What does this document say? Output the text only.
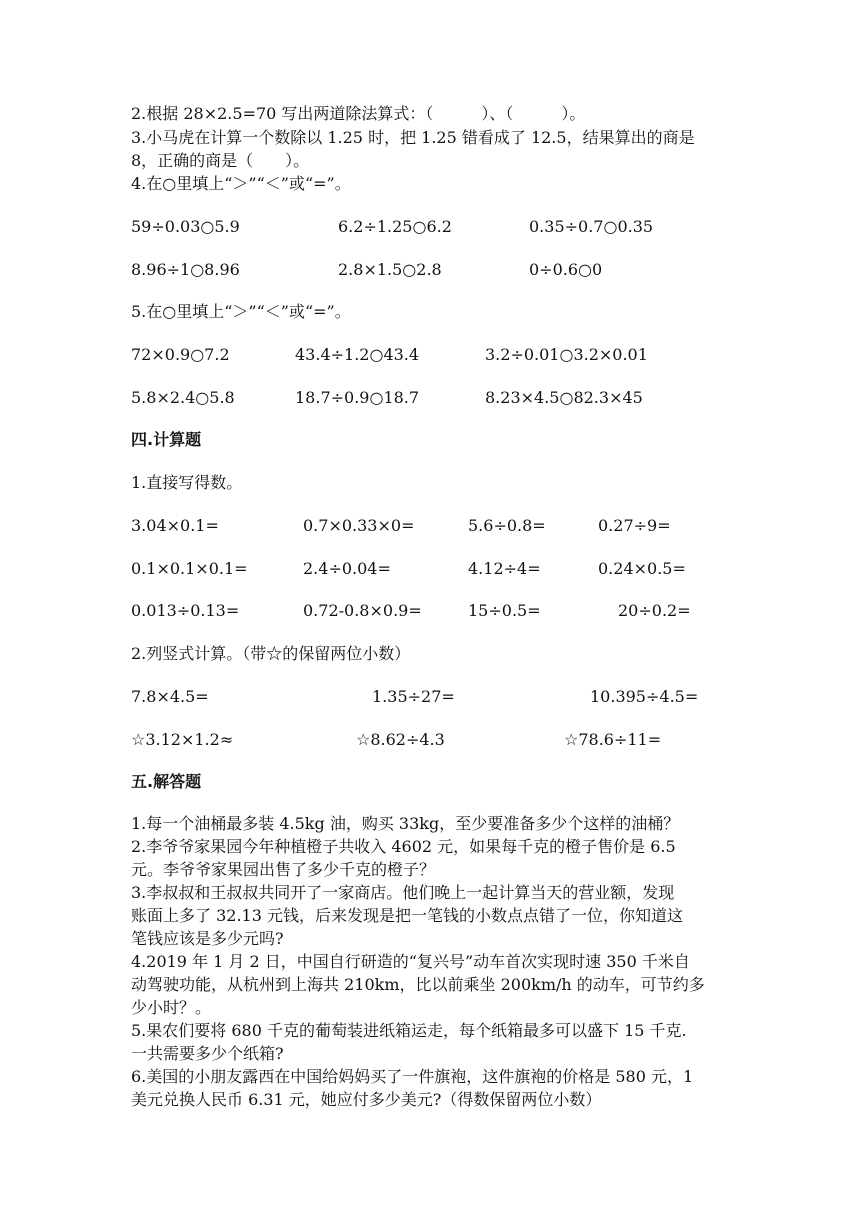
2.根据 28×2.5=70 写出两道除法算式：（　　　）、（　　　）。
3.小马虎在计算一个数除以 1.25 时，把 1.25 错看成了 12.5，结果算出的商是
8，正确的商是（　　）。
4.在○里填上“＞”“＜”或“=”。
59÷0.03○5.9	6.2÷1.25○6.2	0.35÷0.7○0.35
8.96÷1○8.96	2.8×1.5○2.8	0÷0.6○0
5.在○里填上“＞”“＜”或“=”。
72×0.9○7.2	43.4÷1.2○43.4	3.2÷0.01○3.2×0.01
5.8×2.4○5.8	18.7÷0.9○18.7	8.23×4.5○82.3×45
四.计算题
1.直接写得数。
3.04×0.1=	0.7×0.33×0=	5.6÷0.8=	0.27÷9=
0.1×0.1×0.1=	2.4÷0.04=	4.12÷4=	0.24×0.5=
0.013÷0.13=	0.72-0.8×0.9=	15÷0.5=	20÷0.2=
2.列竖式计算。（带☆的保留两位小数）
7.8×4.5=	1.35÷27=	10.395÷4.5=
☆3.12×1.2≈	☆8.62÷4.3	☆78.6÷11=
五.解答题
1.每一个油桶最多装 4.5kg 油，购买 33kg，至少要准备多少个这样的油桶？
2.李爷爷家果园今年种植橙子共收入 4602 元，如果每千克的橙子售价是 6.5
元。李爷爷家果园出售了多少千克的橙子？
3.李叔叔和王叔叔共同开了一家商店。他们晚上一起计算当天的营业额，发现
账面上多了 32.13 元钱，后来发现是把一笔钱的小数点点错了一位，你知道这
笔钱应该是多少元吗?
4.2019 年 1 月 2 日，中国自行研造的“复兴号”动车首次实现时速 350 千米自
动驾驶功能，从杭州到上海共 210km，比以前乘坐 200km/h 的动车，可节约多
少小时？。
5.果农们要将 680 千克的葡萄装进纸箱运走，每个纸箱最多可以盛下 15 千克.
一共需要多少个纸箱?
6.美国的小朋友露西在中国给妈妈买了一件旗袍，这件旗袍的价格是 580 元，1
美元兑换人民币 6.31 元，她应付多少美元?（得数保留两位小数）
